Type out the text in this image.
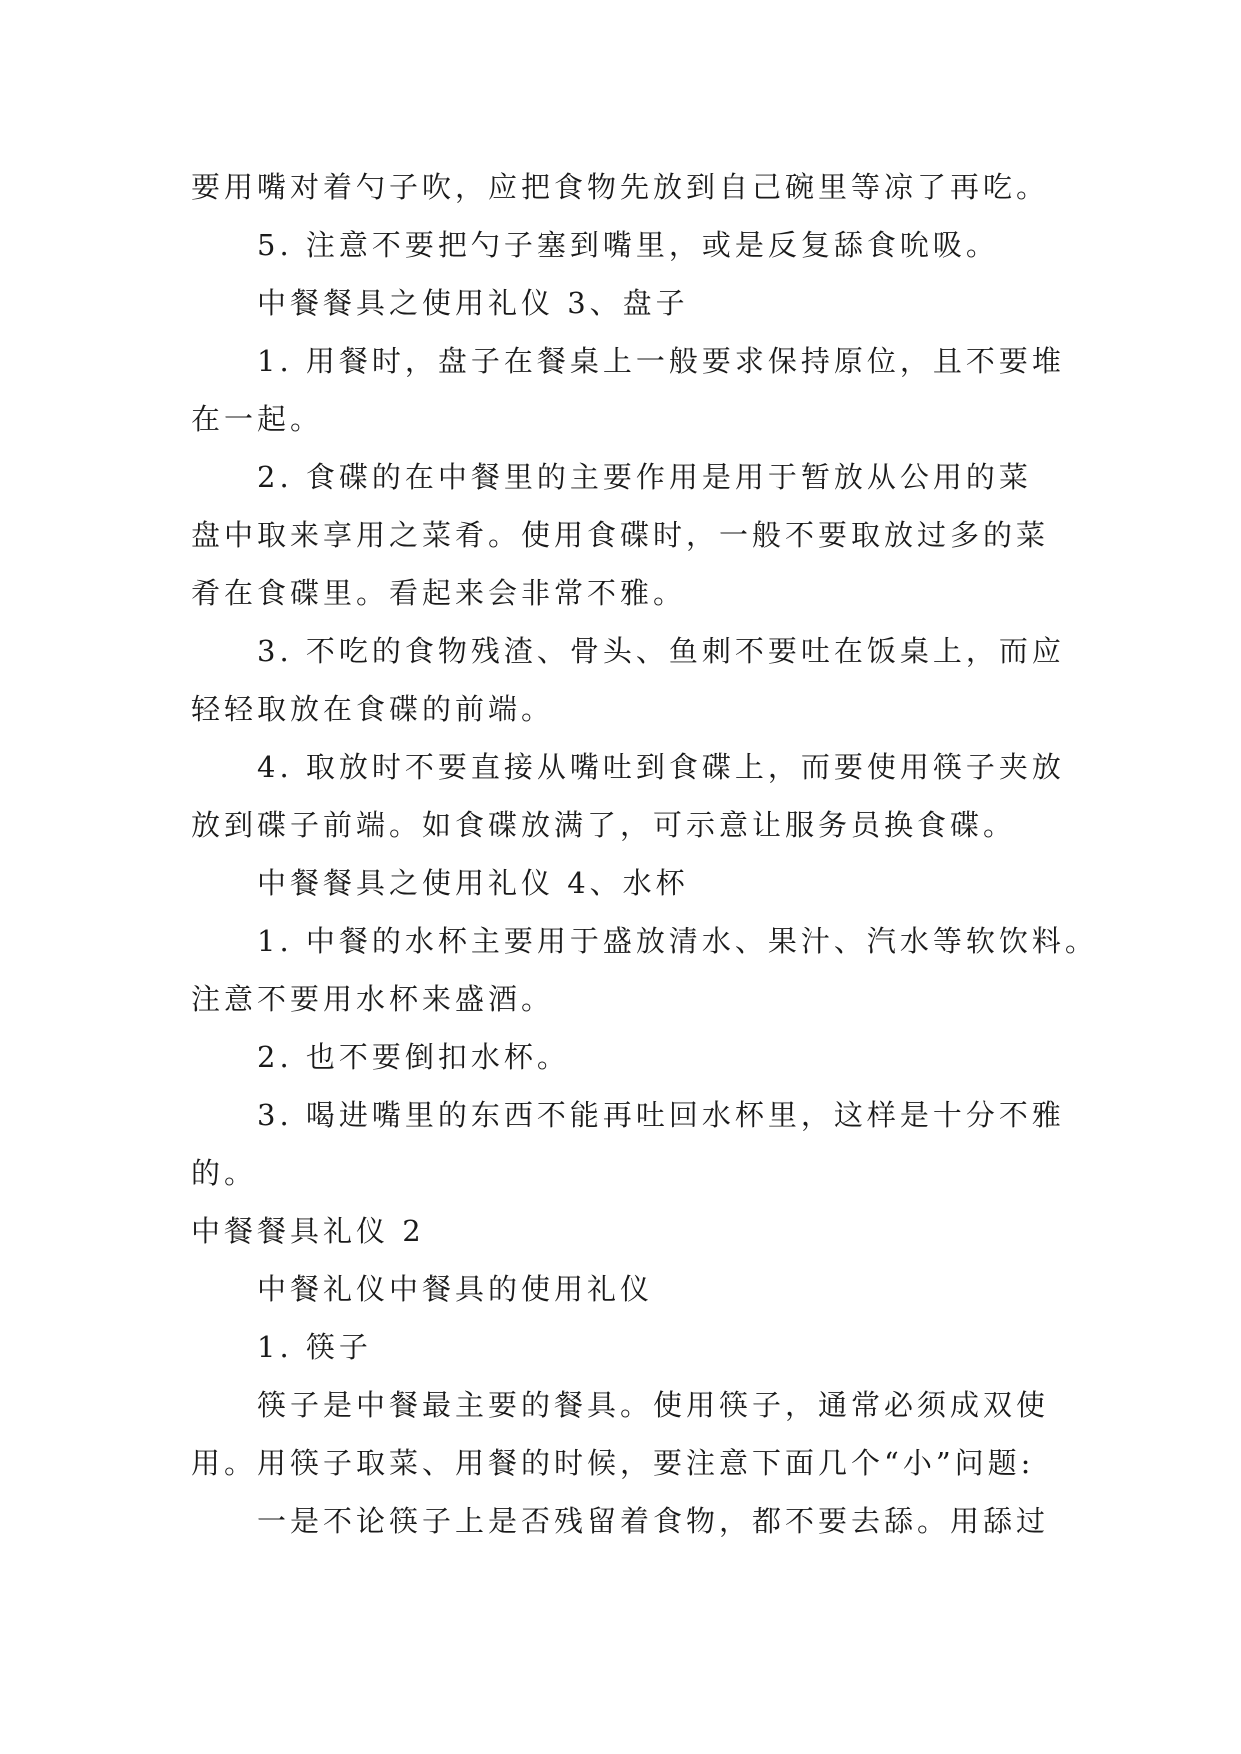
要用嘴对着勺子吹，应把食物先放到自己碗里等凉了再吃。
5. 注意不要把勺子塞到嘴里，或是反复舔食吮吸。
中餐餐具之使用礼仪 3、盘子
1. 用餐时，盘子在餐桌上一般要求保持原位，且不要堆
在一起。
2. 食碟的在中餐里的主要作用是用于暂放从公用的菜
盘中取来享用之菜肴。使用食碟时，一般不要取放过多的菜
肴在食碟里。看起来会非常不雅。
3. 不吃的食物残渣、骨头、鱼刺不要吐在饭桌上，而应
轻轻取放在食碟的前端。
4. 取放时不要直接从嘴吐到食碟上，而要使用筷子夹放
放到碟子前端。如食碟放满了，可示意让服务员换食碟。
中餐餐具之使用礼仪 4、水杯
1. 中餐的水杯主要用于盛放清水、果汁、汽水等软饮料。
注意不要用水杯来盛酒。
2. 也不要倒扣水杯。
3. 喝进嘴里的东西不能再吐回水杯里，这样是十分不雅
的。
中餐餐具礼仪 2
中餐礼仪中餐具的使用礼仪
1. 筷子
筷子是中餐最主要的餐具。使用筷子，通常必须成双使
用。用筷子取菜、用餐的时候，要注意下面几个“小”问题:
一是不论筷子上是否残留着食物，都不要去舔。用舔过
